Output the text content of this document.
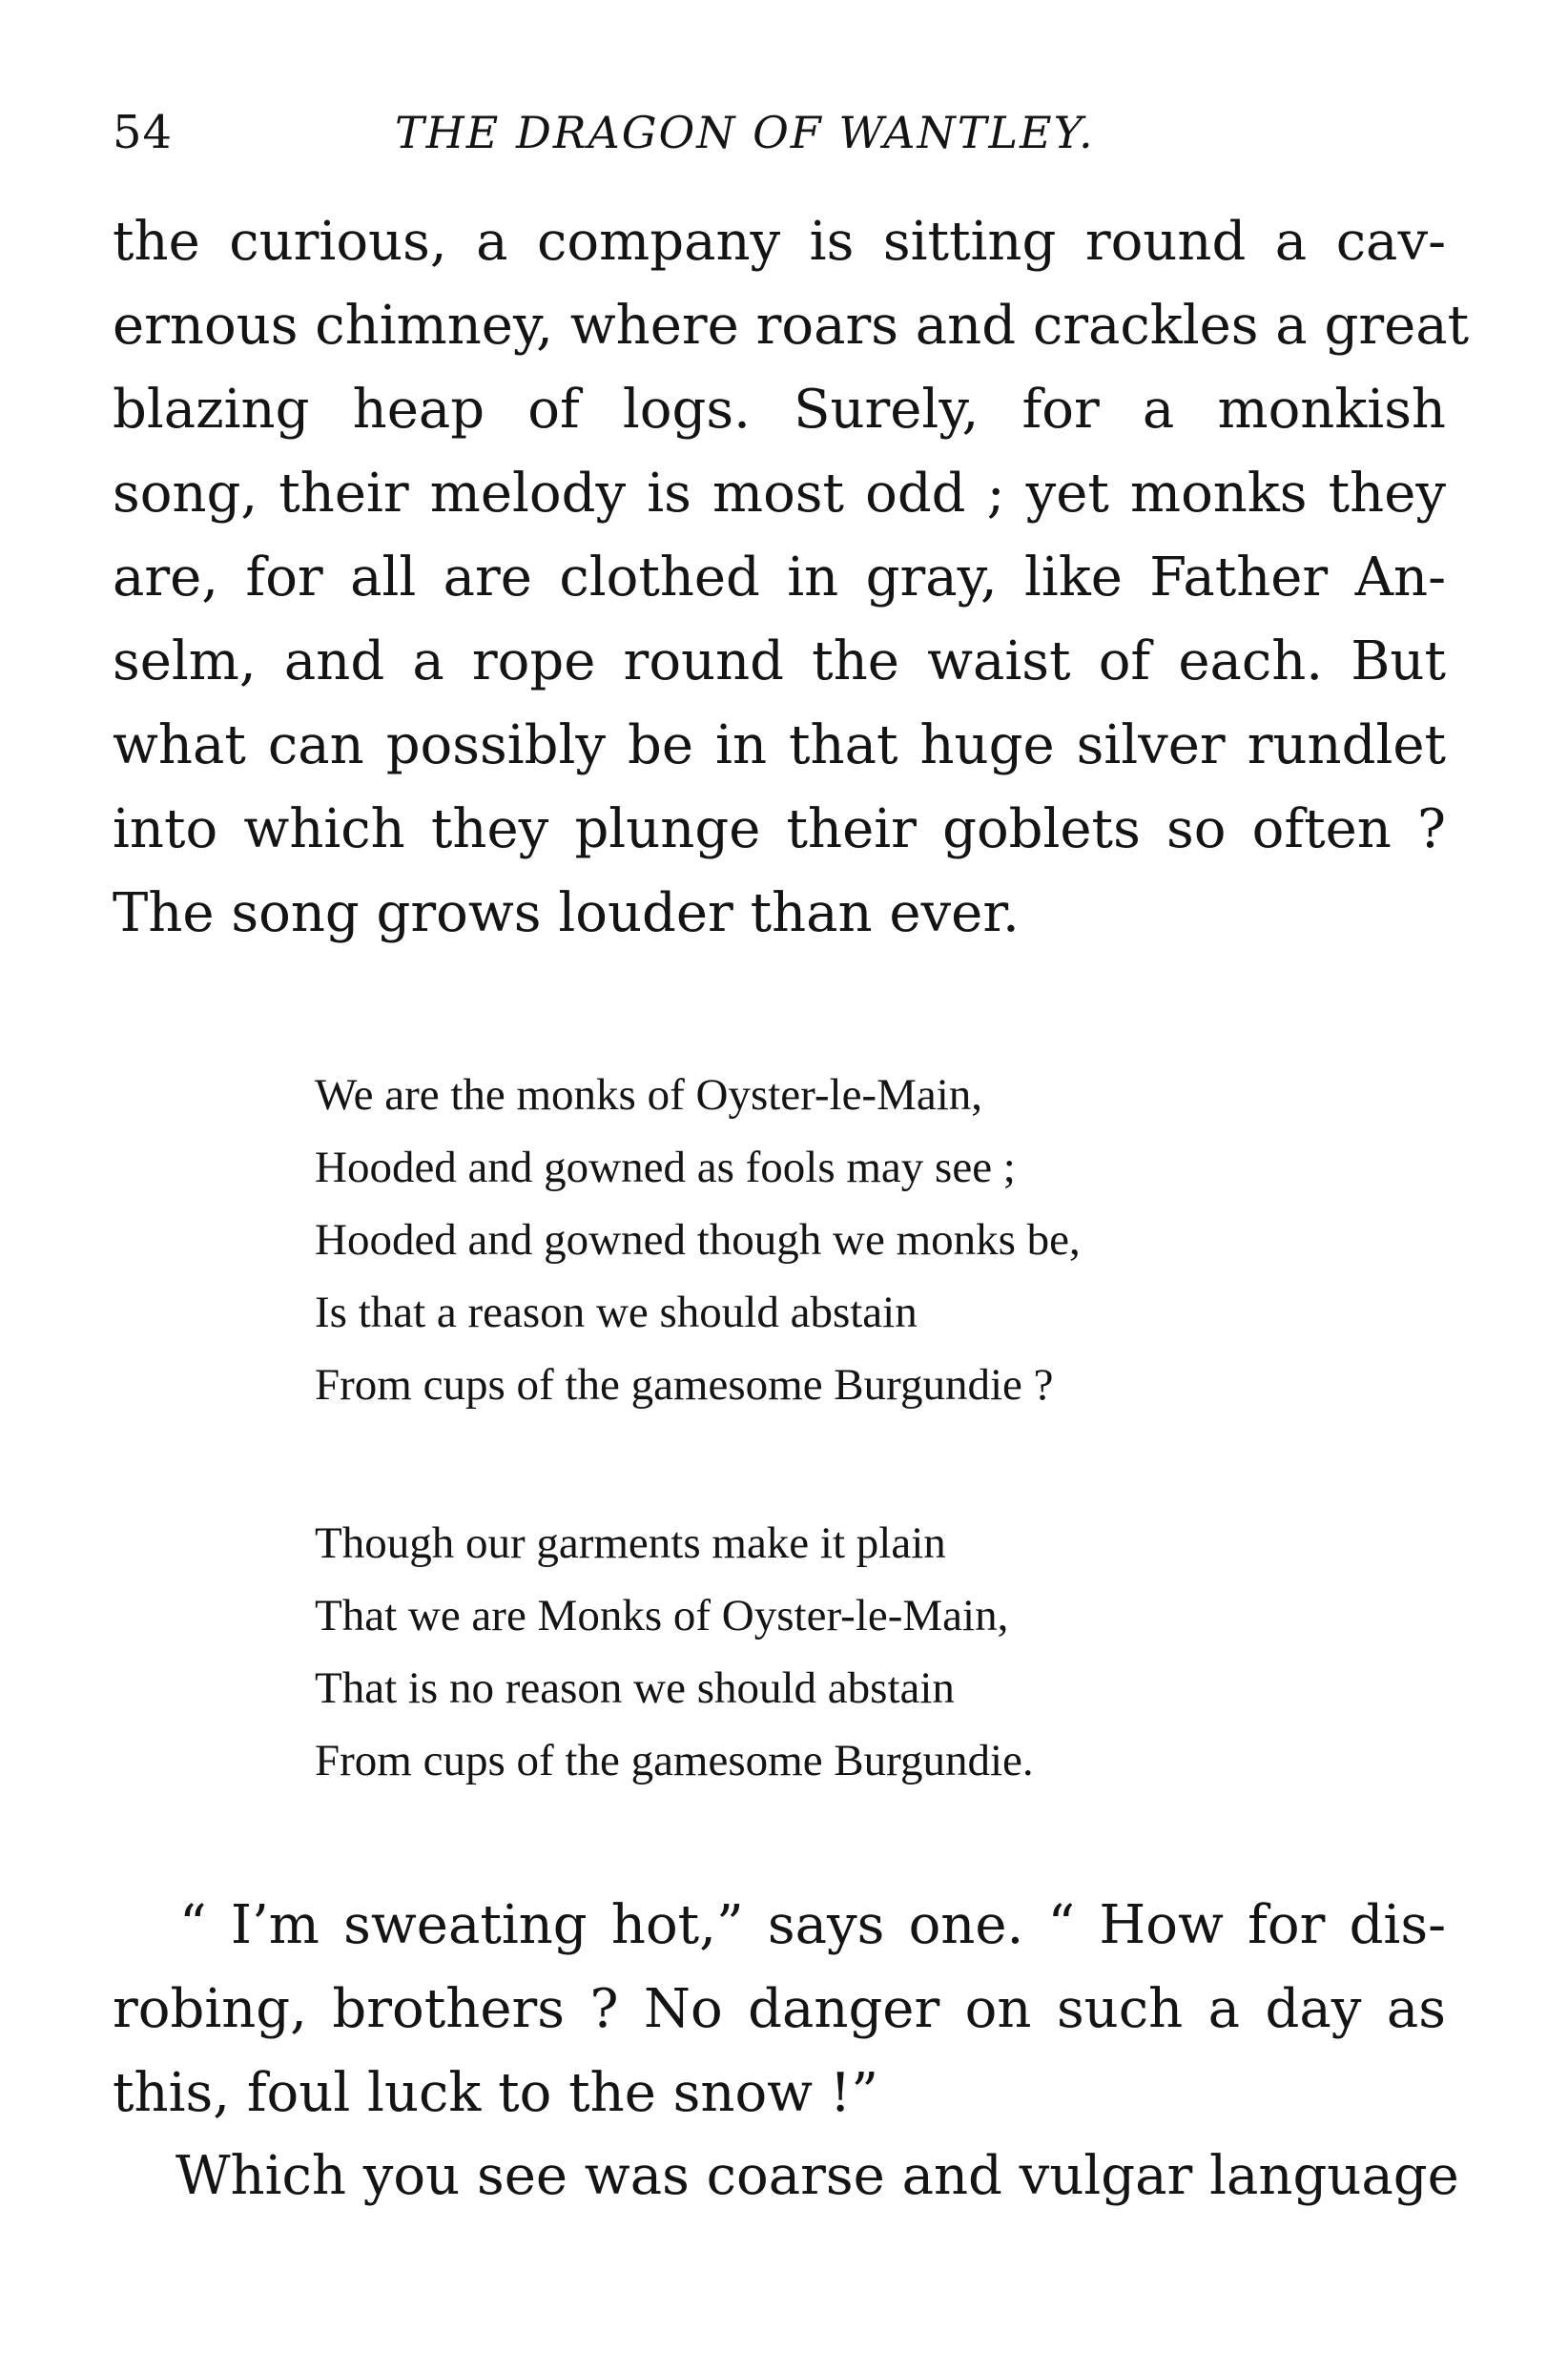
54	THE DRAGON OF WANTLEY.
the curious, a company is sitting round a cav-
ernous chimney, where roars and crackles a great
blazing heap of logs. Surely, for a monkish
song, their melody is most odd ; yet monks they
are, for all are clothed in gray, like Father An-
selm, and a rope round the waist of each. But
what can possibly be in that huge silver rundlet
into which they plunge their goblets so often ?
The song grows louder than ever.
We are the monks of Oyster-le-Main,
Hooded and gowned as fools may see ;
Hooded and gowned though we monks be,
Is that a reason we should abstain
From cups of the gamesome Burgundie ?
Though our garments make it plain
That we are Monks of Oyster-le-Main,
That is no reason we should abstain
From cups of the gamesome Burgundie.
“ I’m sweating hot,” says one. “ How for dis-
robing, brothers ? No danger on such a day as
this, foul luck to the snow !”
Which you see was coarse and vulgar language
